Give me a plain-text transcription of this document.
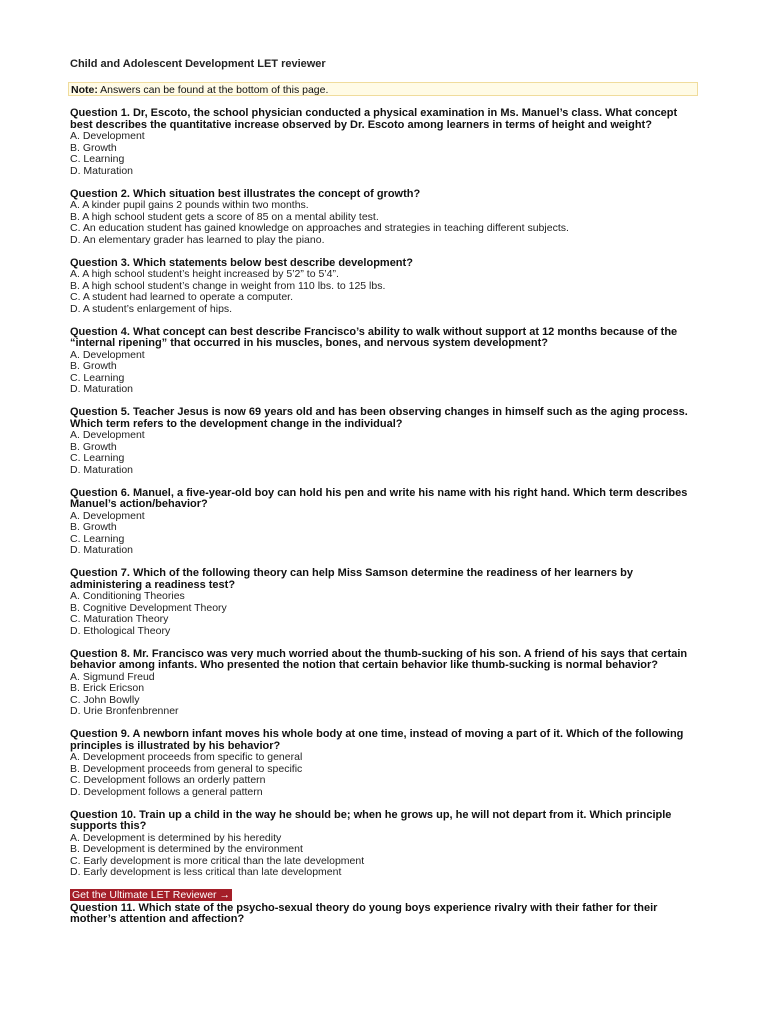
Child and Adolescent Development LET reviewer
Note: Answers can be found at the bottom of this page.
Question 1. Dr, Escoto, the school physician conducted a physical examination in Ms. Manuel’s class. What concept best describes the quantitative increase observed by Dr. Escoto among learners in terms of height and weight?
A. Development
B. Growth
C. Learning
D. Maturation
Question 2. Which situation best illustrates the concept of growth?
A. A kinder pupil gains 2 pounds within two months.
B. A high school student gets a score of 85 on a mental ability test.
C. An education student has gained knowledge on approaches and strategies in teaching different subjects.
D. An elementary grader has learned to play the piano.
Question 3. Which statements below best describe development?
A. A high school student’s height increased by 5’2” to 5’4”.
B. A high school student’s change in weight from 110 lbs. to 125 lbs.
C. A student had learned to operate a computer.
D. A student’s enlargement of hips.
Question 4. What concept can best describe Francisco’s ability to walk without support at 12 months because of the “internal ripening” that occurred in his muscles, bones, and nervous system development?
A. Development
B. Growth
C. Learning
D. Maturation
Question 5. Teacher Jesus is now 69 years old and has been observing changes in himself such as the aging process. Which term refers to the development change in the individual?
A. Development
B. Growth
C. Learning
D. Maturation
Question 6. Manuel, a five-year-old boy can hold his pen and write his name with his right hand. Which term describes Manuel’s action/behavior?
A. Development
B. Growth
C. Learning
D. Maturation
Question 7. Which of the following theory can help Miss Samson determine the readiness of her learners by administering a readiness test?
A. Conditioning Theories
B. Cognitive Development Theory
C. Maturation Theory
D. Ethological Theory
Question 8. Mr. Francisco was very much worried about the thumb-sucking of his son. A friend of his says that certain behavior among infants. Who presented the notion that certain behavior like thumb-sucking is normal behavior?
A. Sigmund Freud
B. Erick Ericson
C. John Bowlly
D. Urie Bronfenbrenner
Question 9. A newborn infant moves his whole body at one time, instead of moving a part of it. Which of the following principles is illustrated by his behavior?
A. Development proceeds from specific to general
B. Development proceeds from general to specific
C. Development follows an orderly pattern
D. Development follows a general pattern
Question 10. Train up a child in the way he should be; when he grows up, he will not depart from it. Which principle supports this?
A. Development is determined by his heredity
B. Development is determined by the environment
C. Early development is more critical than the late development
D. Early development is less critical than late development
Get the Ultimate LET Reviewer →
Question 11. Which state of the psycho-sexual theory do young boys experience rivalry with their father for their mother’s attention and affection?
